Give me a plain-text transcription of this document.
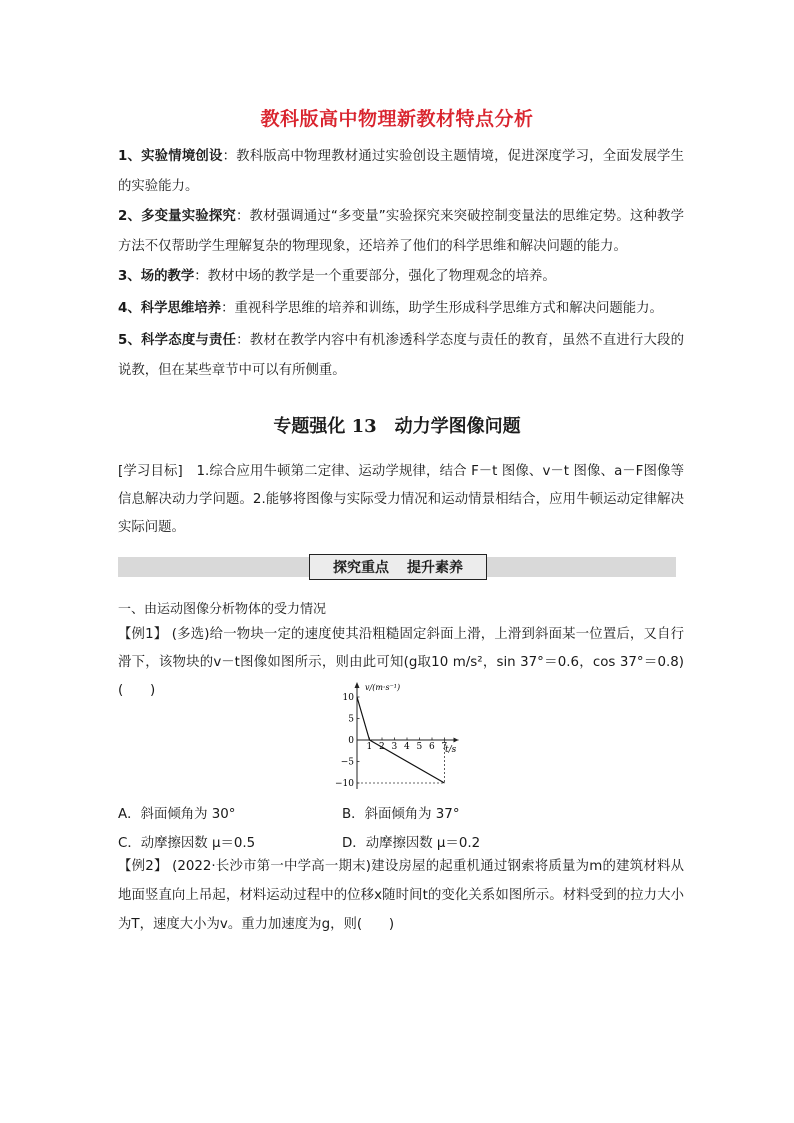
教科版高中物理新教材特点分析
1、实验情境创设：教科版高中物理教材通过实验创设主题情境，促进深度学习，全面发展学生的实验能力。
2、多变量实验探究：教材强调通过“多变量”实验探究来突破控制变量法的思维定势。这种教学方法不仅帮助学生理解复杂的物理现象，还培养了他们的科学思维和解决问题的能力。
3、场的教学：教材中场的教学是一个重要部分，强化了物理观念的培养。
4、科学思维培养：重视科学思维的培养和训练，助学生形成科学思维方式和解决问题能力。
5、科学态度与责任：教材在教学内容中有机渗透科学态度与责任的教育，虽然不直进行大段的说教，但在某些章节中可以有所侧重。
专题强化 13　动力学图像问题
[学习目标]　1.综合应用牛顿第二定律、运动学规律，结合 F－t 图像、v－t 图像、a－F图像等信息解决动力学问题。2.能够将图像与实际受力情况和运动情景相结合，应用牛顿运动定律解决实际问题。
探究重点 提升素养
一、由运动图像分析物体的受力情况
【例1】 (多选)给一物块一定的速度使其沿粗糙固定斜面上滑，上滑到斜面某一位置后，又自行滑下，该物块的v－t图像如图所示，则由此可知(g取10 m/s²，sin 37°＝0.6，cos 37°＝0.8)(　　)
1 2 3 4 5 6 7
10
5
0
−5
−10
v/(m·s⁻¹)
t/s
A．斜面倾角为 30°	B．斜面倾角为 37°
C．动摩擦因数 μ＝0.5	D．动摩擦因数 μ＝0.2
【例2】 (2022·长沙市第一中学高一期末)建设房屋的起重机通过钢索将质量为m的建筑材料从地面竖直向上吊起，材料运动过程中的位移x随时间t的变化关系如图所示。材料受到的拉力大小为T，速度大小为v。重力加速度为g，则(　　)
